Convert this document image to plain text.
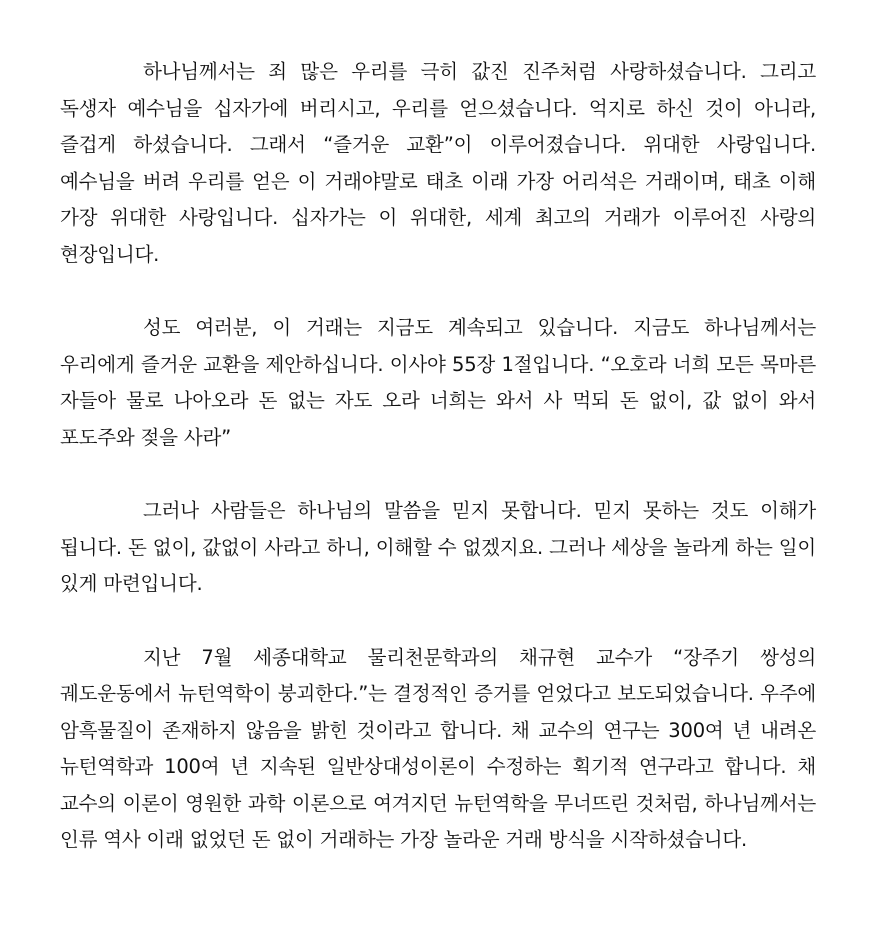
하나님께서는 죄 많은 우리를 극히 값진 진주처럼 사랑하셨습니다. 그리고 독생자 예수님을 십자가에 버리시고, 우리를 얻으셨습니다. 억지로 하신 것이 아니라, 즐겁게 하셨습니다. 그래서 “즐거운 교환”이 이루어졌습니다. 위대한 사랑입니다. 예수님을 버려 우리를 얻은 이 거래야말로 태초 이래 가장 어리석은 거래이며, 태초 이해 가장 위대한 사랑입니다. 십자가는 이 위대한, 세계 최고의 거래가 이루어진 사랑의 현장입니다.

성도 여러분, 이 거래는 지금도 계속되고 있습니다. 지금도 하나님께서는 우리에게 즐거운 교환을 제안하십니다. 이사야 55장 1절입니다. “오호라 너희 모든 목마른 자들아 물로 나아오라 돈 없는 자도 오라 너희는 와서 사 먹되 돈 없이, 값 없이 와서 포도주와 젖을 사라”

그러나 사람들은 하나님의 말씀을 믿지 못합니다. 믿지 못하는 것도 이해가 됩니다. 돈 없이, 값없이 사라고 하니, 이해할 수 없겠지요. 그러나 세상을 놀라게 하는 일이 있게 마련입니다.

지난 7월 세종대학교 물리천문학과의 채규현 교수가 “장주기 쌍성의 궤도운동에서 뉴턴역학이 붕괴한다.”는 결정적인 증거를 얻었다고 보도되었습니다. 우주에 암흑물질이 존재하지 않음을 밝힌 것이라고 합니다. 채 교수의 연구는 300여 년 내려온 뉴턴역학과 100여 년 지속된 일반상대성이론이 수정하는 획기적 연구라고 합니다. 채 교수의 이론이 영원한 과학 이론으로 여겨지던 뉴턴역학을 무너뜨린 것처럼, 하나님께서는 인류 역사 이래 없었던 돈 없이 거래하는 가장 놀라운 거래 방식을 시작하셨습니다.
